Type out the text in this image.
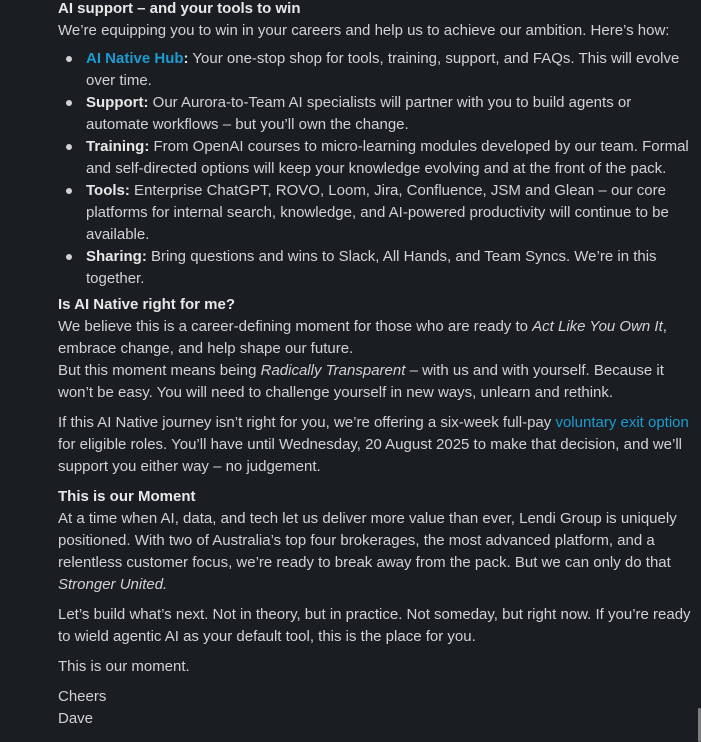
AI support – and your tools to win

We’re equipping you to win in your careers and help us to achieve our ambition. Here’s how:

AI Native Hub: Your one-stop shop for tools, training, support, and FAQs. This will evolve over time.
Support: Our Aurora-to-Team AI specialists will partner with you to build agents or automate workflows – but you’ll own the change.
Training: From OpenAI courses to micro-learning modules developed by our team. Formal and self-directed options will keep your knowledge evolving and at the front of the pack.
Tools: Enterprise ChatGPT, ROVO, Loom, Jira, Confluence, JSM and Glean – our core platforms for internal search, knowledge, and AI-powered productivity will continue to be available.
Sharing: Bring questions and wins to Slack, All Hands, and Team Syncs. We’re in this together.

Is AI Native right for me?

We believe this is a career-defining moment for those who are ready to Act Like You Own It, embrace change, and help shape our future.

But this moment means being Radically Transparent – with us and with yourself. Because it won’t be easy. You will need to challenge yourself in new ways, unlearn and rethink.

If this AI Native journey isn’t right for you, we’re offering a six-week full-pay voluntary exit option for eligible roles. You’ll have until Wednesday, 20 August 2025 to make that decision, and we’ll support you either way – no judgement.

This is our Moment

At a time when AI, data, and tech let us deliver more value than ever, Lendi Group is uniquely positioned. With two of Australia’s top four brokerages, the most advanced platform, and a relentless customer focus, we’re ready to break away from the pack. But we can only do that Stronger United.

Let’s build what’s next. Not in theory, but in practice. Not someday, but right now. If you’re ready to wield agentic AI as your default tool, this is the place for you.

This is our moment.

Cheers

Dave
